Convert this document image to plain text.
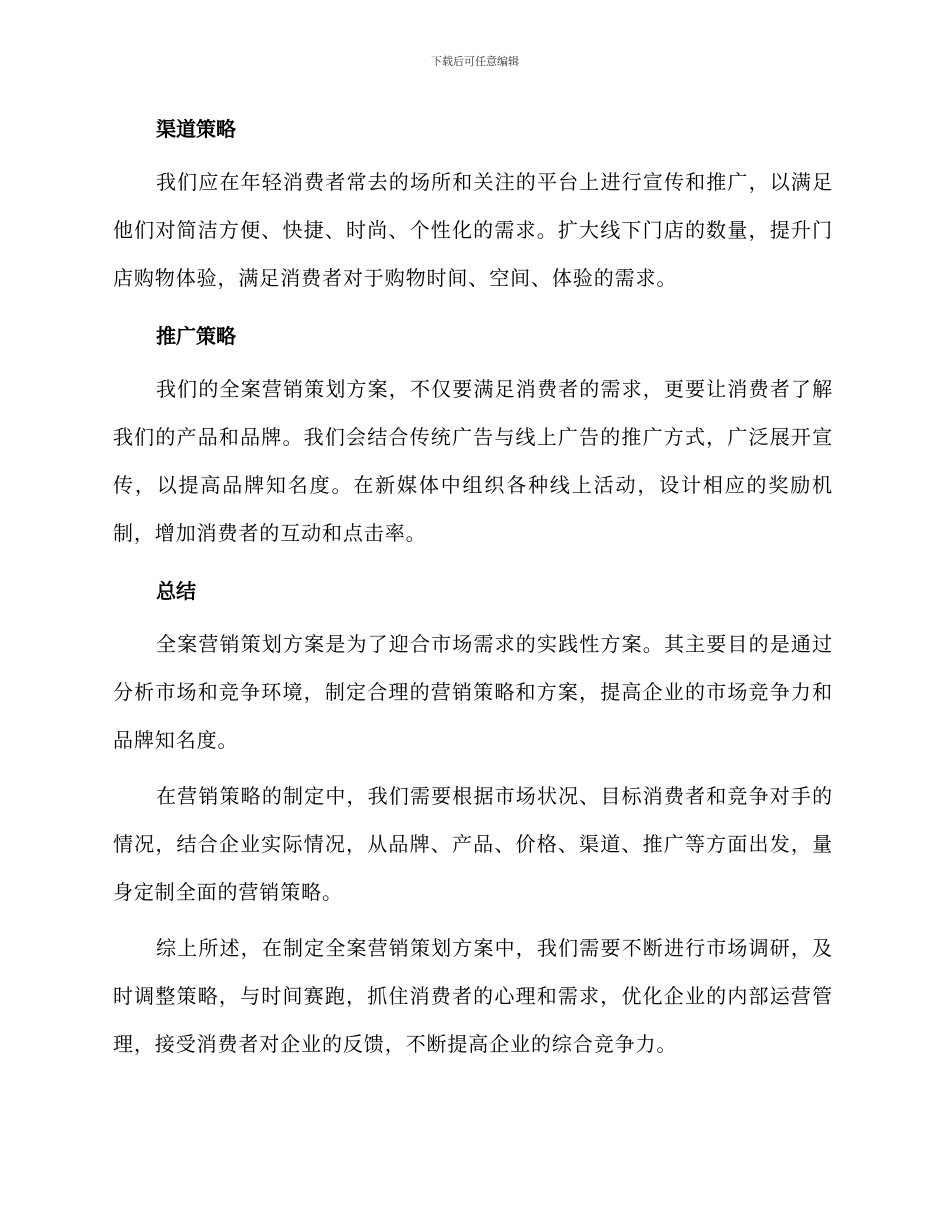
下载后可任意编辑
渠道策略

我们应在年轻消费者常去的场所和关注的平台上进行宣传和推广，以满足他们对简洁方便、快捷、时尚、个性化的需求。扩大线下门店的数量，提升门店购物体验，满足消费者对于购物时间、空间、体验的需求。

推广策略

我们的全案营销策划方案，不仅要满足消费者的需求，更要让消费者了解我们的产品和品牌。我们会结合传统广告与线上广告的推广方式，广泛展开宣传，以提高品牌知名度。在新媒体中组织各种线上活动，设计相应的奖励机制，增加消费者的互动和点击率。

总结

全案营销策划方案是为了迎合市场需求的实践性方案。其主要目的是通过分析市场和竞争环境，制定合理的营销策略和方案，提高企业的市场竞争力和品牌知名度。

在营销策略的制定中，我们需要根据市场状况、目标消费者和竞争对手的情况，结合企业实际情况，从品牌、产品、价格、渠道、推广等方面出发，量身定制全面的营销策略。

综上所述，在制定全案营销策划方案中，我们需要不断进行市场调研，及时调整策略，与时间赛跑，抓住消费者的心理和需求，优化企业的内部运营管理，接受消费者对企业的反馈，不断提高企业的综合竞争力。
